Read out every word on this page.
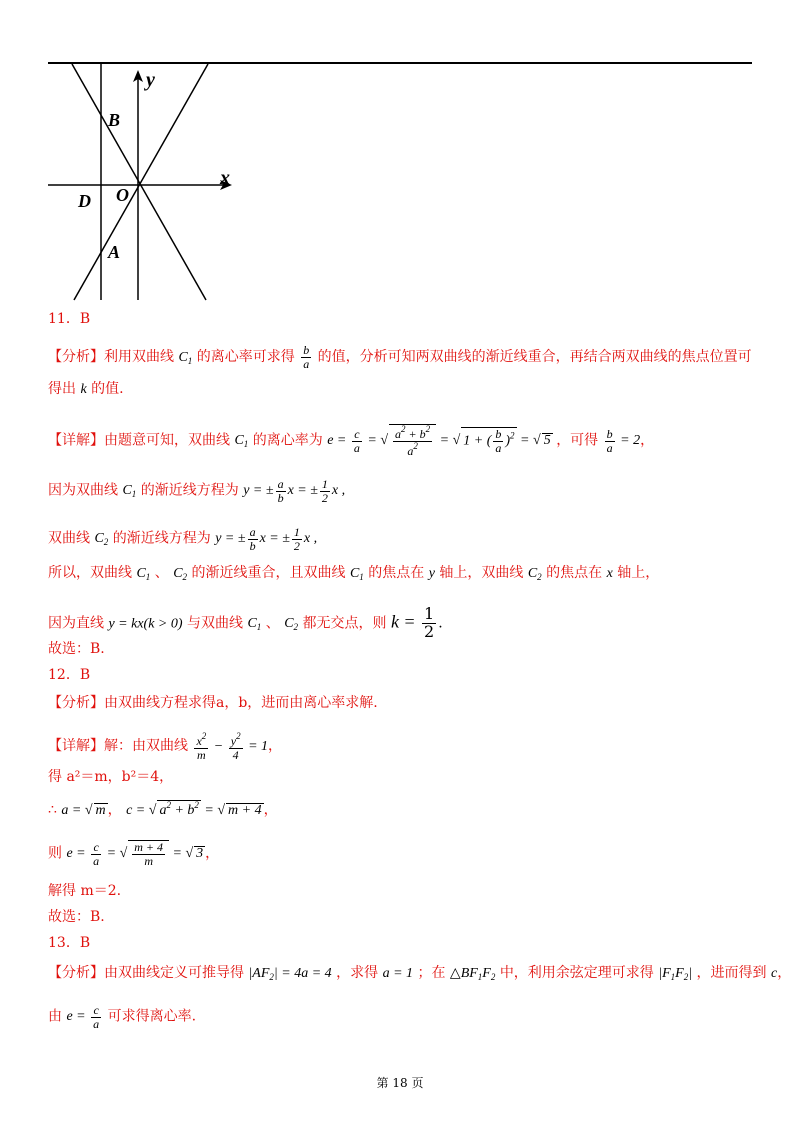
y
x
B
D O
A
11．B
【分析】利用双曲线 $C_1$ 的离心率可求得 $\frac{b}{a}$ 的值，分析可知两双曲线的渐近线重合，再结合两双曲线的焦点位置可
得出 k 的值.
【详解】由题意可知，双曲线 $C_1$ 的离心率为 $e = \frac{c}{a}$ = √ $\frac{a^2 + b^2}{a^2}$ = √ 1 + ( $\frac{b}{a} )^2$ = √ 5 ，可得 $\frac{b}{a} = 2$，
因为双曲线 $C_1$ 的渐近线方程为 y = ± $\frac{a}{b}$ x = ± $\frac{1}{2}$ x ,
双曲线 $C_2$ 的渐近线方程为 y = ± $\frac{a}{b}$ x = ± $\frac{1}{2}$ x ,
所以，双曲线 $C_1$ 、 $C_2$ 的渐近线重合，且双曲线 $C_1$ 的焦点在 y 轴上，双曲线 $C_2$ 的焦点在 x 轴上，
因为直线 y = kx(k > 0) 与双曲线 $C_1$ 、 $C_2$ 都无交点，则 $k = \frac{1}{2}$ .
故选：B.
12．B
【分析】由双曲线方程求得a，b，进而由离心率求解.
【详解】解：由双曲线 $\frac{x^2}{m} - \frac{y^2}{4} = 1$，
得 a²＝m，b²＝4，
∴ a = √ m ， c = √ $a^2 + b^2$ = √ m + 4 ，
则 $e = \frac{c}{a}$ = √ $\frac{m + 4}{m}$ = √ 3 ，
解得 m＝2.
故选：B.
13．B
【分析】由双曲线定义可推导得 $|AF_2| = 4a = 4$ ，求得 a = 1 ；在 $\triangle BF_1F_2$ 中，利用余弦定理可求得 $|F_1F_2|$ ，进而得到 c，
由 $e = \frac{c}{a}$ 可求得离心率.
第 18 页
